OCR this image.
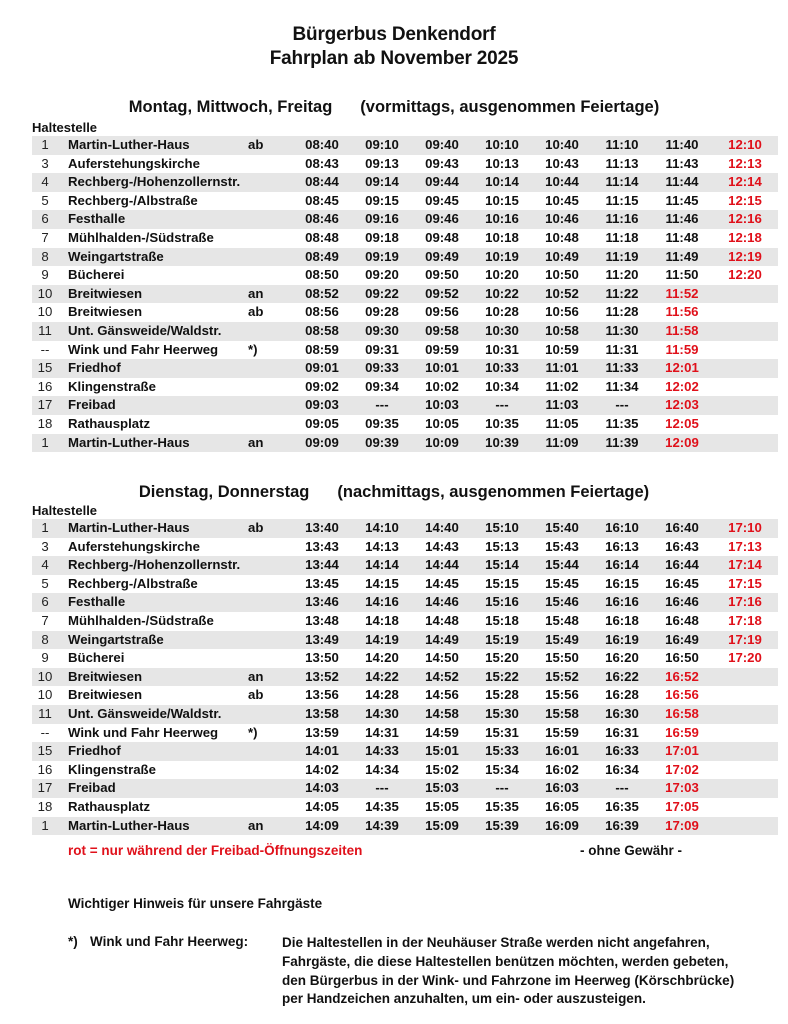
Bürgerbus Denkendorf
Fahrplan ab November 2025
Montag, Mittwoch, Freitag (vormittags, ausgenommen Feiertage)
Haltestelle
1	Martin-Luther-Haus	ab	08:40	09:10	09:40	10:10	10:40	11:10	11:40	12:10
3	Auferstehungskirche		08:43	09:13	09:43	10:13	10:43	11:13	11:43	12:13
4	Rechberg-/Hohenzollernstr.		08:44	09:14	09:44	10:14	10:44	11:14	11:44	12:14
5	Rechberg-/Albstraße		08:45	09:15	09:45	10:15	10:45	11:15	11:45	12:15
6	Festhalle		08:46	09:16	09:46	10:16	10:46	11:16	11:46	12:16
7	Mühlhalden-/Südstraße		08:48	09:18	09:48	10:18	10:48	11:18	11:48	12:18
8	Weingartstraße		08:49	09:19	09:49	10:19	10:49	11:19	11:49	12:19
9	Bücherei		08:50	09:20	09:50	10:20	10:50	11:20	11:50	12:20
10	Breitwiesen	an	08:52	09:22	09:52	10:22	10:52	11:22	11:52	
10	Breitwiesen	ab	08:56	09:28	09:56	10:28	10:56	11:28	11:56	
11	Unt. Gänsweide/Waldstr.		08:58	09:30	09:58	10:30	10:58	11:30	11:58	
--	Wink und Fahr Heerweg	*)	08:59	09:31	09:59	10:31	10:59	11:31	11:59	
15	Friedhof		09:01	09:33	10:01	10:33	11:01	11:33	12:01	
16	Klingenstraße		09:02	09:34	10:02	10:34	11:02	11:34	12:02	
17	Freibad		09:03	---	10:03	---	11:03	---	12:03	
18	Rathausplatz		09:05	09:35	10:05	10:35	11:05	11:35	12:05	
1	Martin-Luther-Haus	an	09:09	09:39	10:09	10:39	11:09	11:39	12:09	
Dienstag, Donnerstag (nachmittags, ausgenommen Feiertage)
Haltestelle
1	Martin-Luther-Haus	ab	13:40	14:10	14:40	15:10	15:40	16:10	16:40	17:10
3	Auferstehungskirche		13:43	14:13	14:43	15:13	15:43	16:13	16:43	17:13
4	Rechberg-/Hohenzollernstr.		13:44	14:14	14:44	15:14	15:44	16:14	16:44	17:14
5	Rechberg-/Albstraße		13:45	14:15	14:45	15:15	15:45	16:15	16:45	17:15
6	Festhalle		13:46	14:16	14:46	15:16	15:46	16:16	16:46	17:16
7	Mühlhalden-/Südstraße		13:48	14:18	14:48	15:18	15:48	16:18	16:48	17:18
8	Weingartstraße		13:49	14:19	14:49	15:19	15:49	16:19	16:49	17:19
9	Bücherei		13:50	14:20	14:50	15:20	15:50	16:20	16:50	17:20
10	Breitwiesen	an	13:52	14:22	14:52	15:22	15:52	16:22	16:52	
10	Breitwiesen	ab	13:56	14:28	14:56	15:28	15:56	16:28	16:56	
11	Unt. Gänsweide/Waldstr.		13:58	14:30	14:58	15:30	15:58	16:30	16:58	
--	Wink und Fahr Heerweg	*)	13:59	14:31	14:59	15:31	15:59	16:31	16:59	
15	Friedhof		14:01	14:33	15:01	15:33	16:01	16:33	17:01	
16	Klingenstraße		14:02	14:34	15:02	15:34	16:02	16:34	17:02	
17	Freibad		14:03	---	15:03	---	16:03	---	17:03	
18	Rathausplatz		14:05	14:35	15:05	15:35	16:05	16:35	17:05	
1	Martin-Luther-Haus	an	14:09	14:39	15:09	15:39	16:09	16:39	17:09	
rot = nur während der Freibad-Öffnungszeiten	- ohne Gewähr -
Wichtiger Hinweis für unsere Fahrgäste
*) Wink und Fahr Heerweg:	Die Haltestellen in der Neuhäuser Straße werden nicht angefahren,
Fahrgäste, die diese Haltestellen benützen möchten, werden gebeten,
den Bürgerbus in der Wink- und Fahrzone im Heerweg (Körschbrücke)
per Handzeichen anzuhalten, um ein- oder auszusteigen.
